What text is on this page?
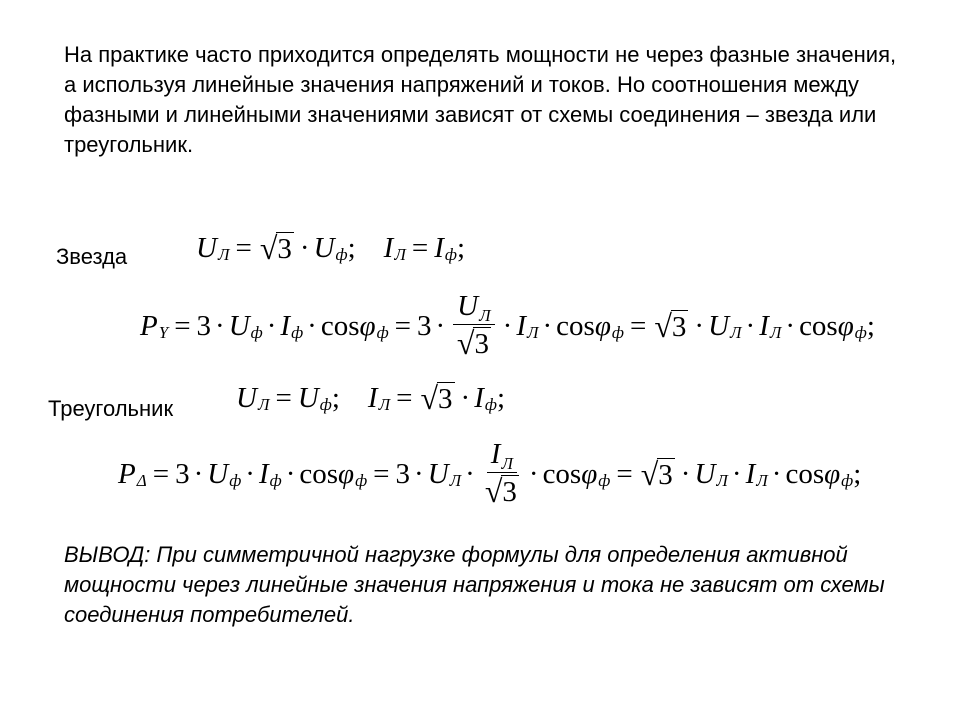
На практике часто приходится определять мощности не через фазные значения, а используя линейные значения напряжений и токов. Но соотношения между фазными и линейными значениями зависят от схемы соединения – звезда или треугольник.

Звезда $U_Л$ = √ $3 \cdot U_ф$ ; $I_Л = I_ф$ ;
$P_Y = 3 \cdot U_ф \cdot I_ф \cdot \cos \varphi_ф = 3 \cdot \frac{U_Л}{√ 3} \cdot I_Л \cdot \cos \varphi_ф$ = √ $3 \cdot U_Л \cdot I_Л \cdot \cos \varphi_ф$ ;
Треугольник $U_Л = U_ф$ ; $I_Л$ = √ $3 \cdot I_ф$ ;
$P_\Delta = 3 \cdot U_ф \cdot I_ф \cdot \cos \varphi_ф = 3 \cdot U_Л \cdot \frac{I_Л}{√ 3} \cdot \cos \varphi_ф$ = √ $3 \cdot U_Л \cdot I_Л \cdot \cos \varphi_ф$ ;

ВЫВОД: При симметричной нагрузке формулы для определения активной мощности через линейные значения напряжения и тока не зависят от схемы соединения потребителей.
